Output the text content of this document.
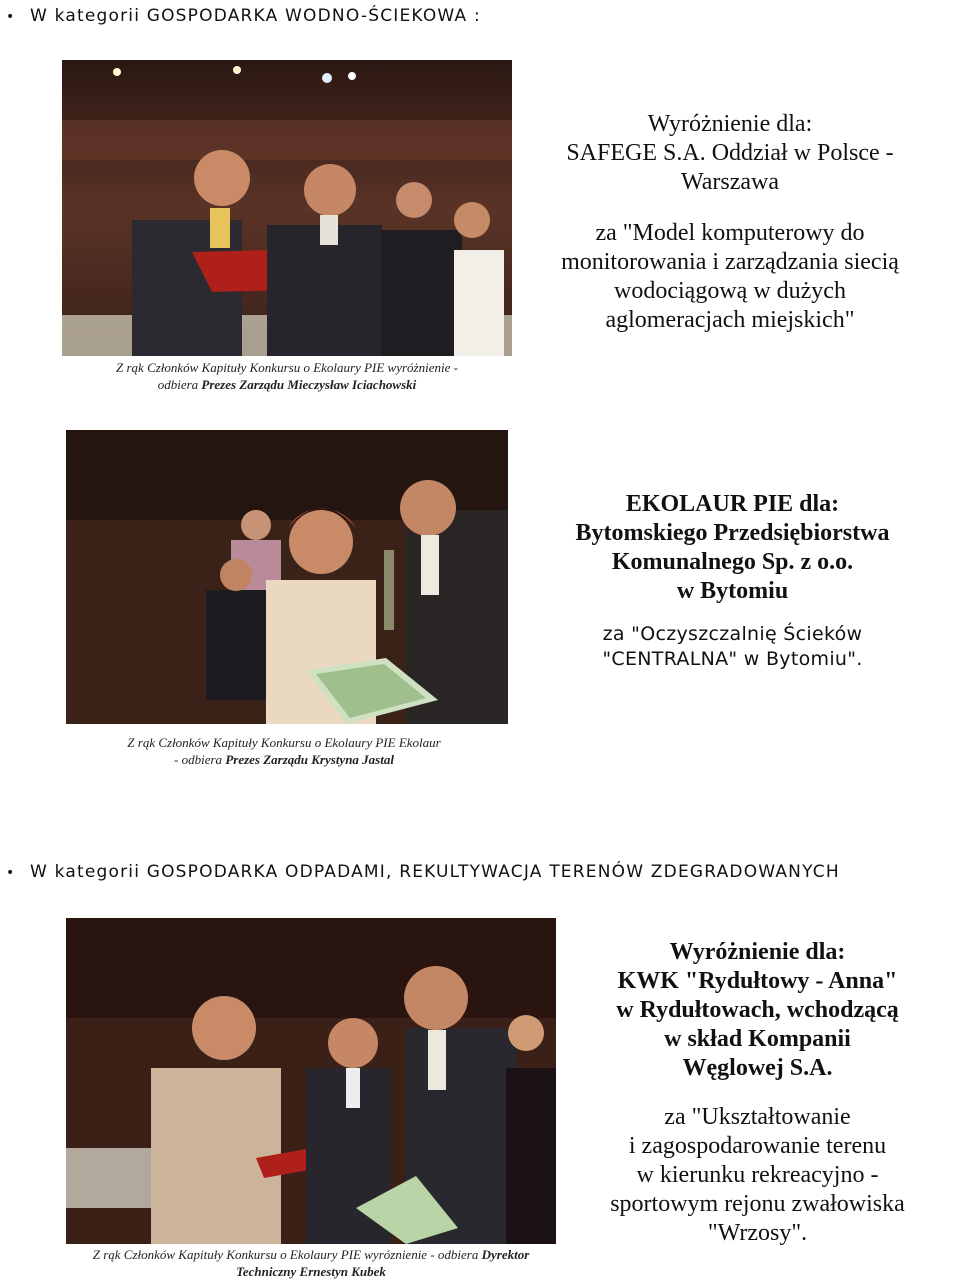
• W kategorii GOSPODARKA WODNO-ŚCIEKOWA :
Z rąk Członków Kapituły Konkursu o Ekolaury PIE wyróżnienie -
odbiera Prezes Zarządu Mieczysław Iciachowski
Wyróżnienie dla:
SAFEGE S.A. Oddział w Polsce -
Warszawa
za "Model komputerowy do
monitorowania i zarządzania siecią
wodociągową w dużych
aglomeracjach miejskich"
Z rąk Członków Kapituły Konkursu o Ekolaury PIE Ekolaur
- odbiera Prezes Zarządu Krystyna Jastal
EKOLAUR PIE dla:
Bytomskiego Przedsiębiorstwa
Komunalnego Sp. z o.o.
w Bytomiu
za "Oczyszczalnię Ścieków
"CENTRALNA" w Bytomiu".
• W kategorii GOSPODARKA ODPADAMI, REKULTYWACJA TERENÓW ZDEGRADOWANYCH
Z rąk Członków Kapituły Konkursu o Ekolaury PIE wyróznienie - odbiera Dyrektor
Techniczny Ernestyn Kubek
Wyróżnienie dla:
KWK "Rydułtowy - Anna"
w Rydułtowach, wchodzącą
w skład Kompanii
Węglowej S.A.
za "Ukształtowanie
i zagospodarowanie terenu
w kierunku rekreacyjno -
sportowym rejonu zwałowiska
"Wrzosy".
